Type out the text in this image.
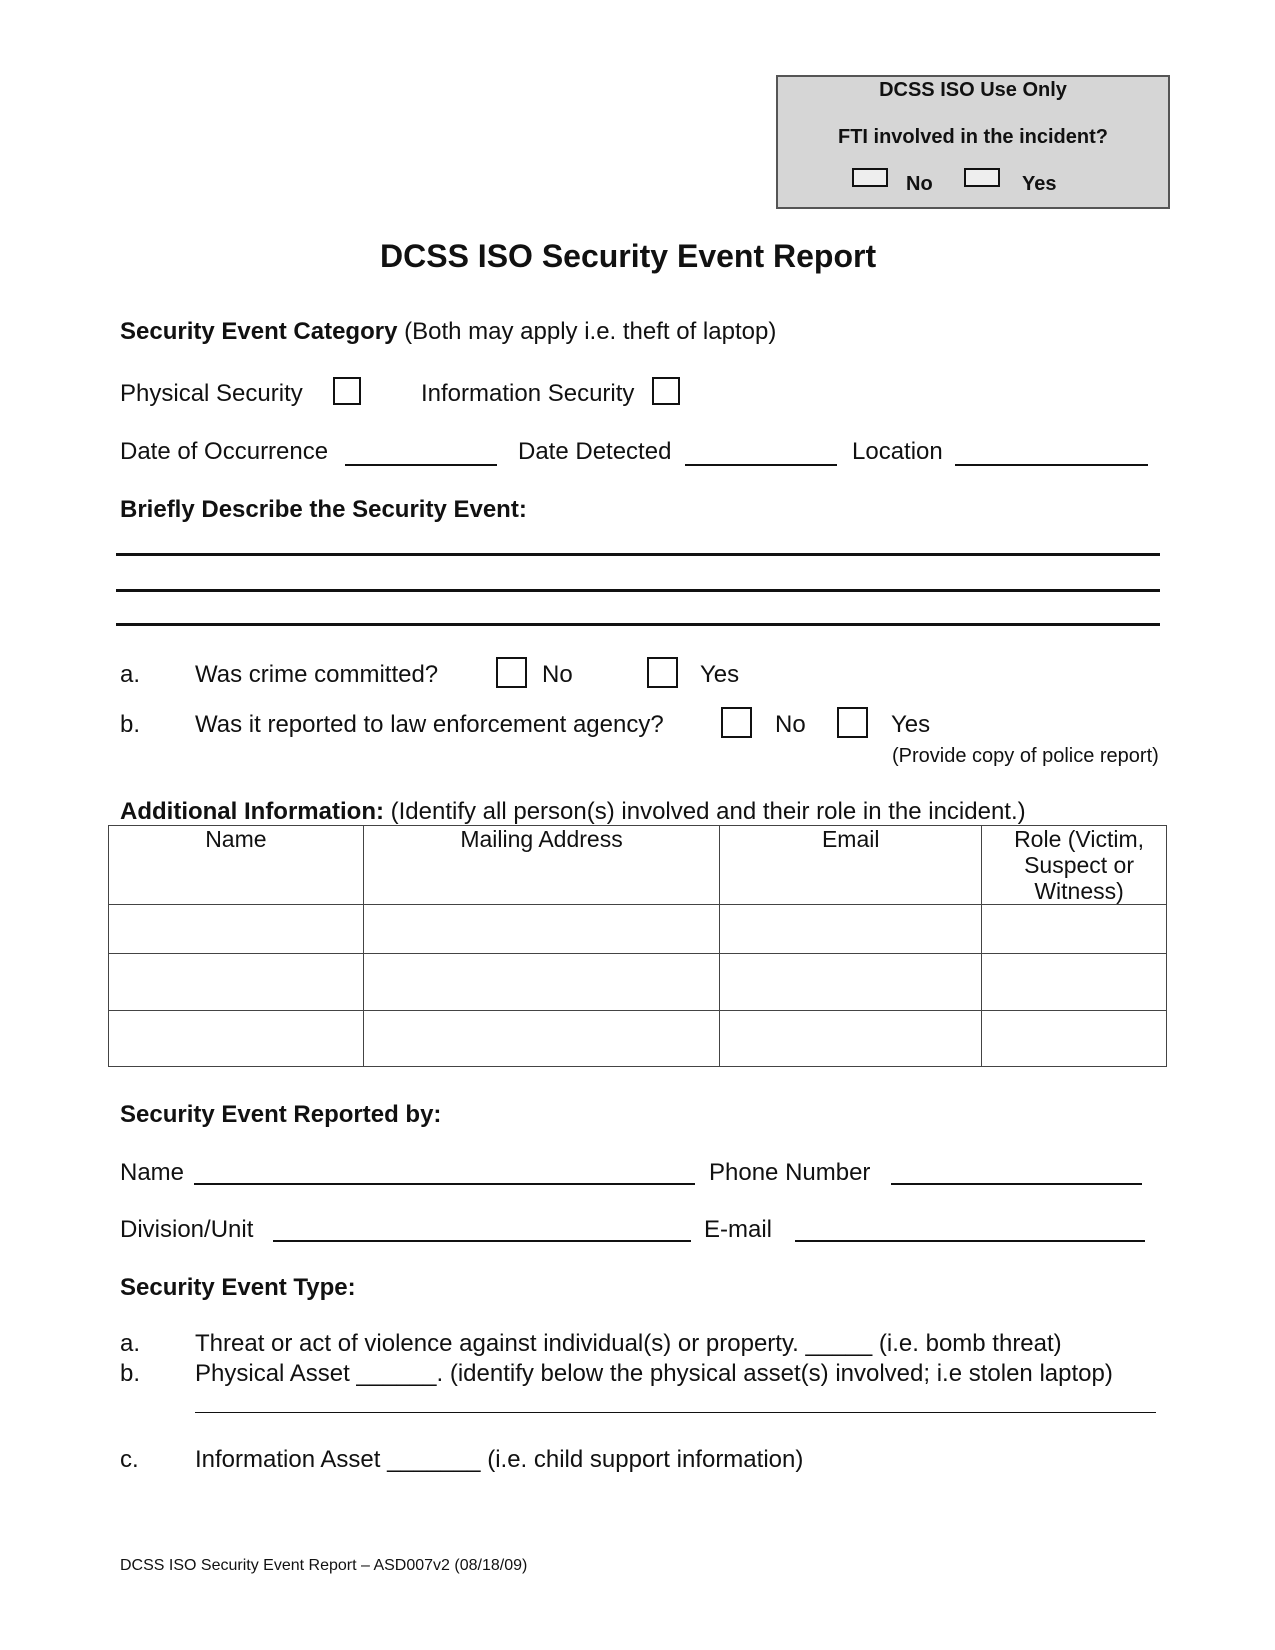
DCSS ISO Use Only
FTI involved in the incident?
No	Yes
DCSS ISO Security Event Report
Security Event Category (Both may apply i.e. theft of laptop)
Physical Security	Information Security
Date of Occurrence	Date Detected	Location
Briefly Describe the Security Event:
a. Was crime committed?	No	Yes
b. Was it reported to law enforcement agency?	No	Yes
(Provide copy of police report)
Additional Information: (Identify all person(s) involved and their role in the incident.)
Name	Mailing Address	Email	Role (Victim,
Suspect or
Witness)

Security Event Reported by:
Name	Phone Number
Division/Unit	E-mail
Security Event Type:
a. Threat or act of violence against individual(s) or property. _____ (i.e. bomb threat)
b. Physical Asset ______. (identify below the physical asset(s) involved; i.e stolen laptop)
c. Information Asset _______ (i.e. child support information)
DCSS ISO Security Event Report – ASD007v2 (08/18/09)
